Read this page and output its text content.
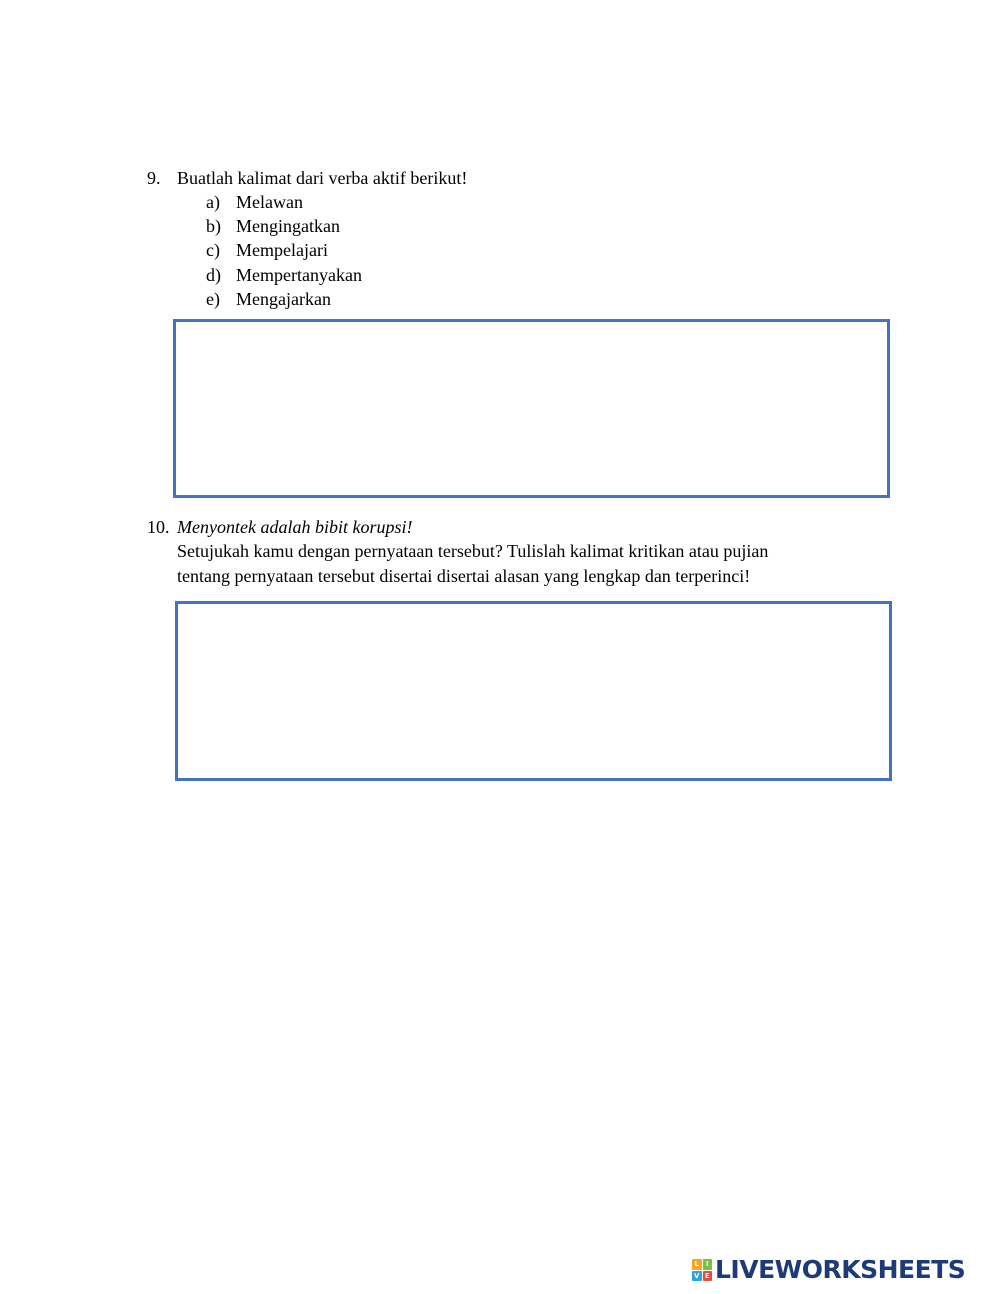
9. Buatlah kalimat dari verba aktif berikut!
a) Melawan
b) Mengingatkan
c) Mempelajari
d) Mempertanyakan
e) Mengajarkan
10. Menyontek adalah bibit korupsi!
Setujukah kamu dengan pernyataan tersebut? Tulislah kalimat kritikan atau pujian
tentang pernyataan tersebut disertai disertai alasan yang lengkap dan terperinci!
L I
V E LIVEWORKSHEETS
